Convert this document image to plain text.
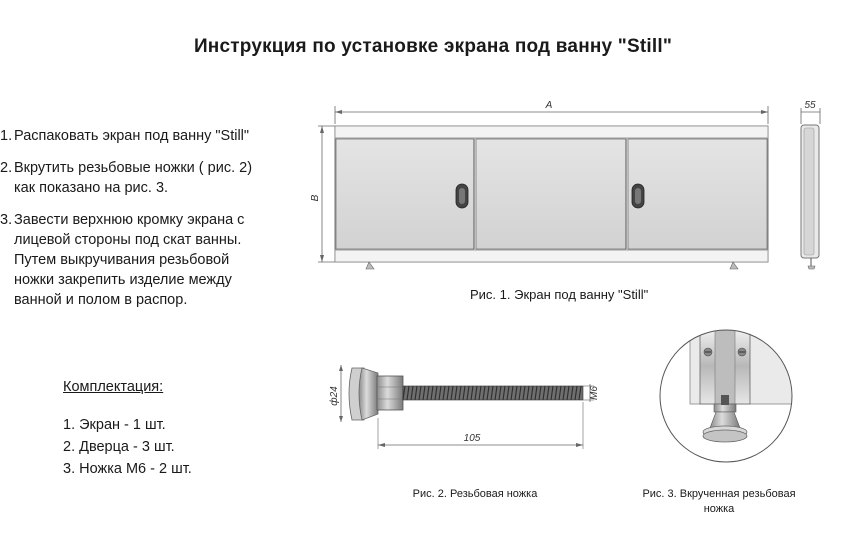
Инструкция по установке экрана под ванну "Still"
1. Распаковать экран под ванну "Still"
2. Вкрутить резьбовые ножки ( рис. 2)
как показано на рис. 3.
3. Завести верхнюю кромку экрана с
лицевой стороны под скат ванны.
Путем выкручивания резьбовой
ножки закрепить изделие между
ванной и полом в распор.
Комплектация:
1. Экран - 1 шт.
2. Дверца - 3 шт.
3. Ножка М6 - 2 шт.
A
B
55
ф24	М6
105
Рис. 1. Экран под ванну "Still"
Рис. 2. Резьбовая ножка	Рис. 3. Вкрученная резьбовая
ножка
